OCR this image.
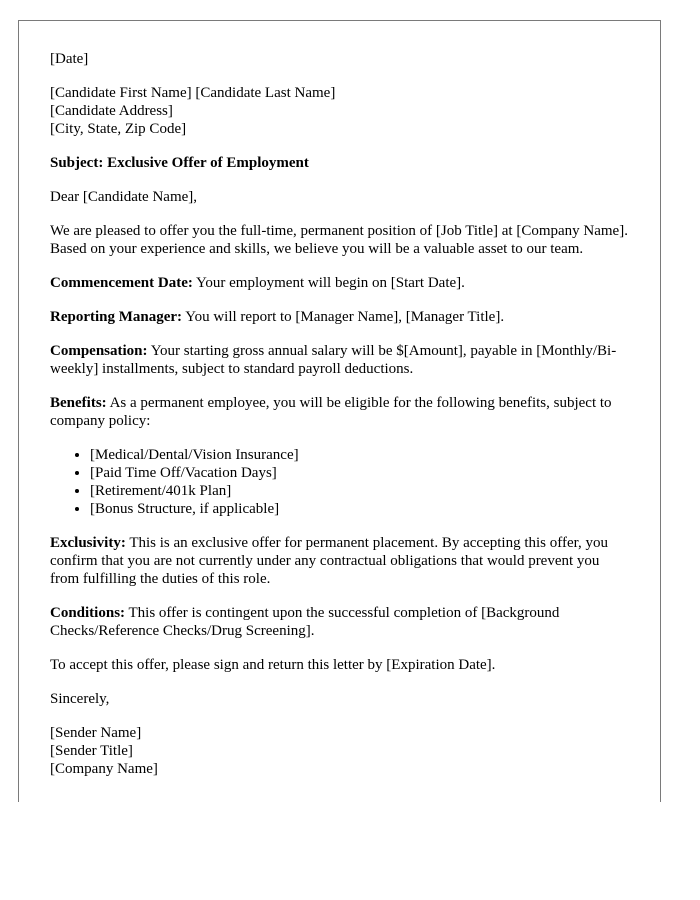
[Date]

[Candidate First Name] [Candidate Last Name]
[Candidate Address]
[City, State, Zip Code]

Subject: Exclusive Offer of Employment

Dear [Candidate Name],

We are pleased to offer you the full-time, permanent position of [Job Title] at [Company Name]. Based on your experience and skills, we believe you will be a valuable asset to our team.

Commencement Date: Your employment will begin on [Start Date].

Reporting Manager: You will report to [Manager Name], [Manager Title].

Compensation: Your starting gross annual salary will be $[Amount], payable in [Monthly/Bi-weekly] installments, subject to standard payroll deductions.

Benefits: As a permanent employee, you will be eligible for the following benefits, subject to company policy:

• [Medical/Dental/Vision Insurance]
• [Paid Time Off/Vacation Days]
• [Retirement/401k Plan]
• [Bonus Structure, if applicable]

Exclusivity: This is an exclusive offer for permanent placement. By accepting this offer, you confirm that you are not currently under any contractual obligations that would prevent you from fulfilling the duties of this role.

Conditions: This offer is contingent upon the successful completion of [Background Checks/Reference Checks/Drug Screening].

To accept this offer, please sign and return this letter by [Expiration Date].

Sincerely,

[Sender Name]
[Sender Title]
[Company Name]
